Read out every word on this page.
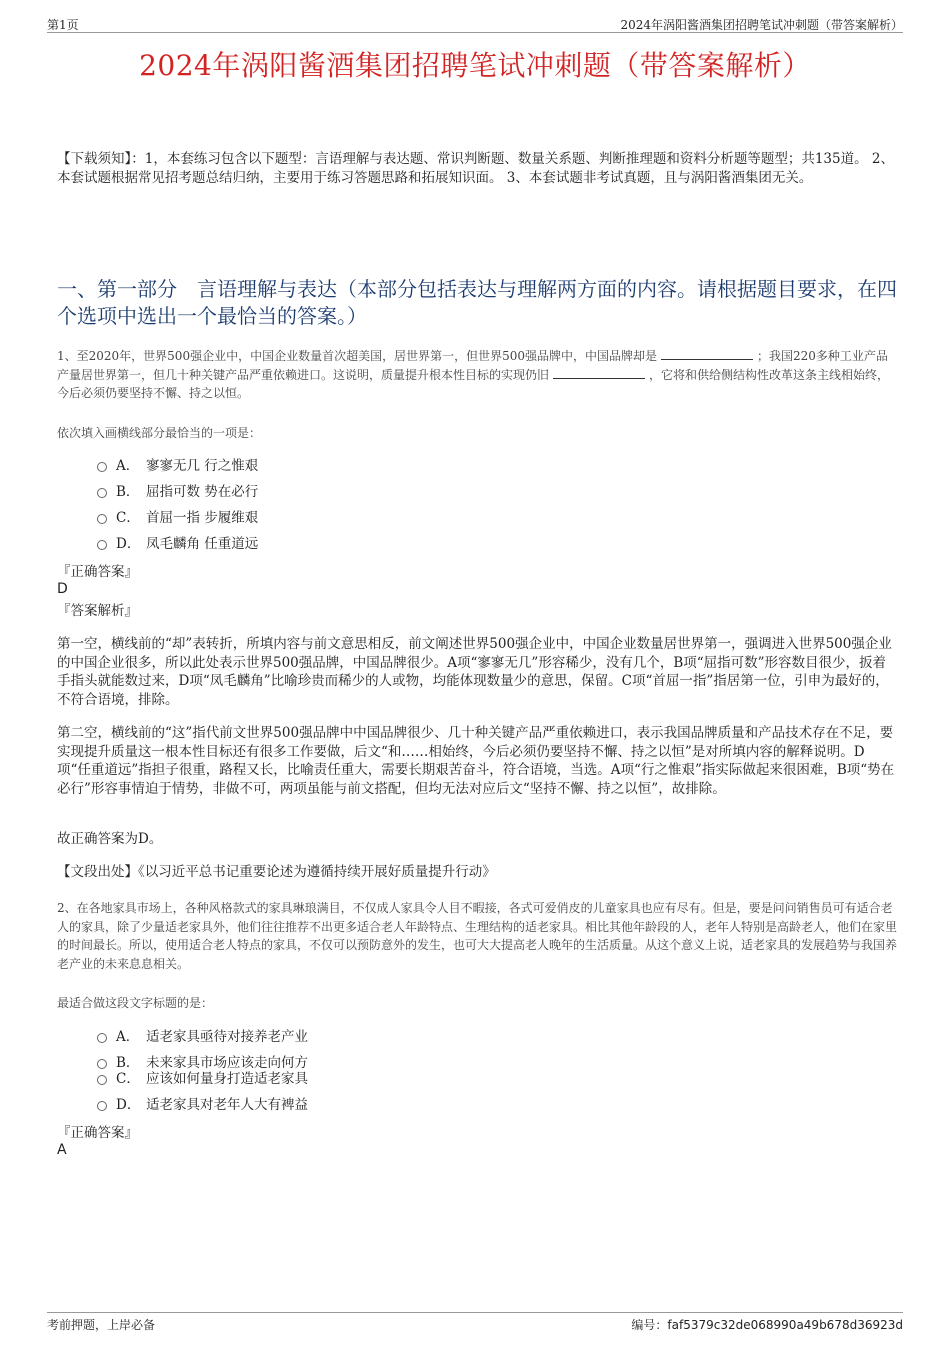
第1页	2024年涡阳酱酒集团招聘笔试冲刺题（带答案解析）
2024年涡阳酱酒集团招聘笔试冲刺题（带答案解析）
【下载须知】：1，本套练习包含以下题型：言语理解与表达题、常识判断题、数量关系题、判断推理题和资料分析题等题型；共135道。 2、本套试题根据常见招考题总结归纳，主要用于练习答题思路和拓展知识面。 3、本套试题非考试真题，且与涡阳酱酒集团无关。
一、第一部分　言语理解与表达（本部分包括表达与理解两方面的内容。请根据题目要求，在四个选项中选出一个最恰当的答案。）
1、至2020年，世界500强企业中，中国企业数量首次超美国，居世界第一，但世界500强品牌中，中国品牌却是	；我国220多种工业产品产量居世界第一，但几十种关键产品严重依赖进口。这说明，质量提升根本性目标的实现仍旧	，它将和供给侧结构性改革这条主线相始终，今后必须仍要坚持不懈、持之以恒。
依次填入画横线部分最恰当的一项是：
A． 寥寥无几 行之惟艰
B． 屈指可数 势在必行
C． 首屈一指 步履维艰
D． 凤毛麟角 任重道远
『正确答案』
D
『答案解析』
第一空，横线前的“却”表转折，所填内容与前文意思相反，前文阐述世界500强企业中，中国企业数量居世界第一，强调进入世界500强企业的中国企业很多，所以此处表示世界500强品牌，中国品牌很少。A项“寥寥无几”形容稀少，没有几个，B项“屈指可数”形容数目很少，扳着手指头就能数过来，D项“凤毛麟角”比喻珍贵而稀少的人或物，均能体现数量少的意思，保留。C项“首屈一指”指居第一位，引申为最好的，不符合语境，排除。
第二空，横线前的“这”指代前文世界500强品牌中中国品牌很少、几十种关键产品严重依赖进口，表示我国品牌质量和产品技术存在不足，要实现提升质量这一根本性目标还有很多工作要做，后文“和……相始终，今后必须仍要坚持不懈、持之以恒”是对所填内容的解释说明。D项“任重道远”指担子很重，路程又长，比喻责任重大，需要长期艰苦奋斗，符合语境，当选。A项“行之惟艰”指实际做起来很困难，B项“势在必行”形容事情迫于情势，非做不可，两项虽能与前文搭配，但均无法对应后文“坚持不懈、持之以恒”，故排除。
故正确答案为D。
【文段出处】《以习近平总书记重要论述为遵循持续开展好质量提升行动》
2、在各地家具市场上，各种风格款式的家具琳琅满目，不仅成人家具令人目不暇接，各式可爱俏皮的儿童家具也应有尽有。但是，要是问问销售员可有适合老人的家具，除了少量适老家具外，他们往往推荐不出更多适合老人年龄特点、生理结构的适老家具。相比其他年龄段的人，老年人特别是高龄老人，他们在家里的时间最长。所以，使用适合老人特点的家具，不仅可以预防意外的发生，也可大大提高老人晚年的生活质量。从这个意义上说，适老家具的发展趋势与我国养老产业的未来息息相关。
最适合做这段文字标题的是：
A． 适老家具亟待对接养老产业
B． 未来家具市场应该走向何方
C． 应该如何量身打造适老家具
D． 适老家具对老年人大有裨益
『正确答案』
A
考前押题，上岸必备	编号：faf5379c32de068990a49b678d36923d
